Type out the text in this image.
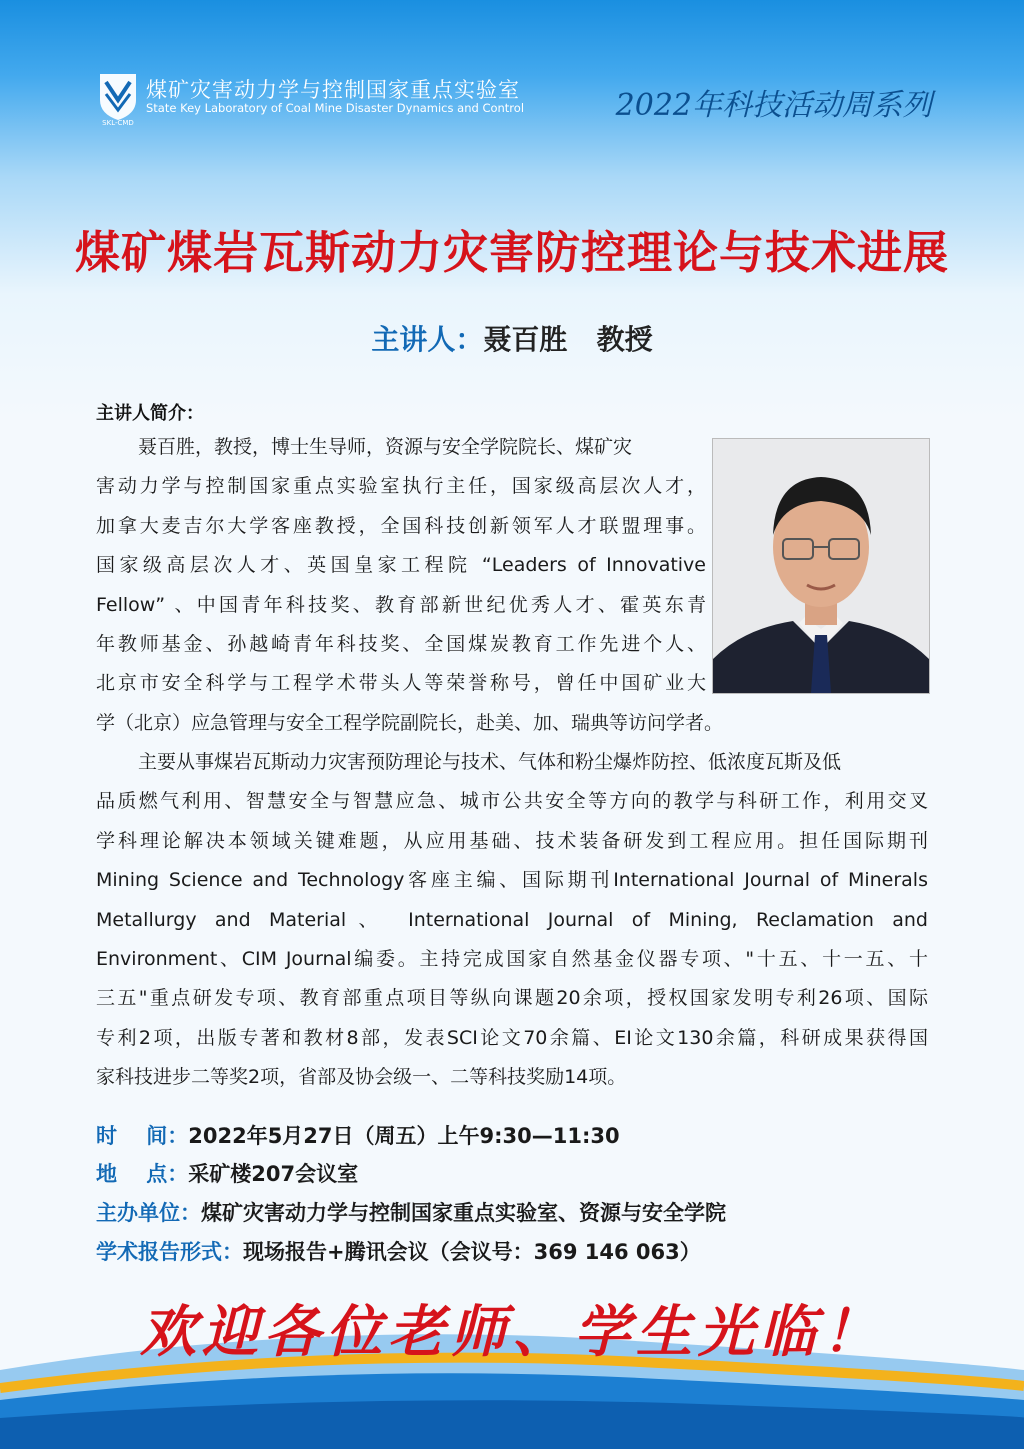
SKL-CMD
煤矿灾害动力学与控制国家重点实验室
State Key Laboratory of Coal Mine Disaster Dynamics and Control	2022年科技活动周系列
煤矿煤岩瓦斯动力灾害防控理论与技术进展
主讲人：聂百胜   教授
主讲人简介：
聂百胜，教授，博士生导师，资源与安全学院院长、煤矿灾
害动力学与控制国家重点实验室执行主任，国家级高层次人才，
加拿大麦吉尔大学客座教授，全国科技创新领军人才联盟理事。
国家级高层次人才、英国皇家工程院 “Leaders of Innovative
Fellow” 、中国青年科技奖、教育部新世纪优秀人才、霍英东青
年教师基金、孙越崎青年科技奖、全国煤炭教育工作先进个人、
北京市安全科学与工程学术带头人等荣誉称号，曾任中国矿业大
学（北京）应急管理与安全工程学院副院长，赴美、加、瑞典等访问学者。
主要从事煤岩瓦斯动力灾害预防理论与技术、气体和粉尘爆炸防控、低浓度瓦斯及低
品质燃气利用、智慧安全与智慧应急、城市公共安全等方向的教学与科研工作，利用交叉
学科理论解决本领域关键难题，从应用基础、技术装备研发到工程应用。担任国际期刊
Mining Science and Technology客座主编、国际期刊International Journal of Minerals
Metallurgy and Material、 International Journal of Mining, Reclamation and
Environment、CIM Journal编委。主持完成国家自然基金仪器专项、"十五、十一五、十
三五"重点研发专项、教育部重点项目等纵向课题20余项，授权国家发明专利26项、国际
专利2项，出版专著和教材8部，发表SCI论文70余篇、EI论文130余篇，科研成果获得国
家科技进步二等奖2项，省部及协会级一、二等科技奖励14项。
时    间：2022年5月27日（周五）上午9:30—11:30
地    点：采矿楼207会议室
主办单位：煤矿灾害动力学与控制国家重点实验室、资源与安全学院
学术报告形式：现场报告+腾讯会议（会议号：369 146 063）
欢迎各位老师、学生光临！
